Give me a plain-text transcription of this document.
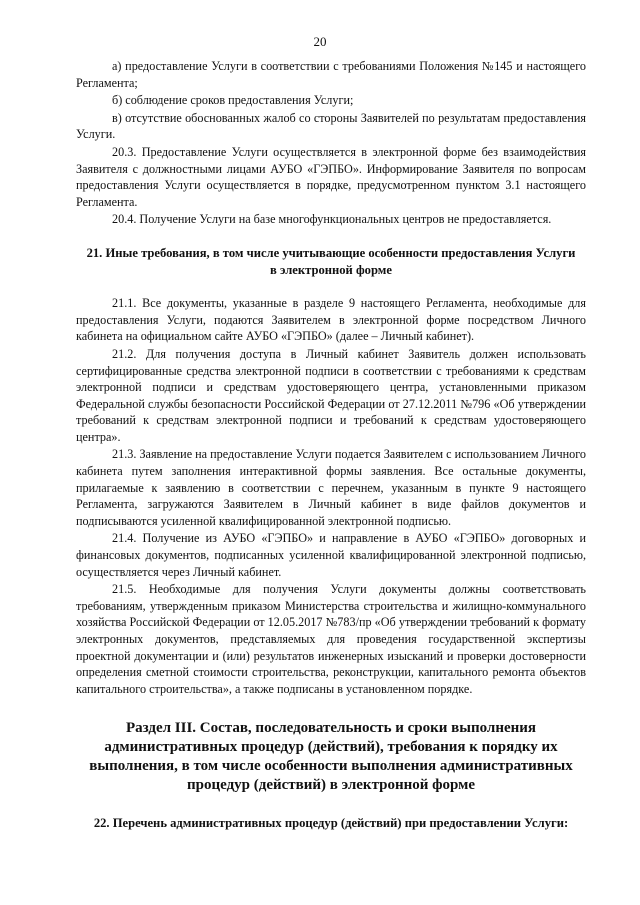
20

а) предоставление Услуги в соответствии с требованиями Положения №145 и настоящего Регламента;

б) соблюдение сроков предоставления Услуги;

в) отсутствие обоснованных жалоб со стороны Заявителей по результатам предоставления Услуги.

20.3. Предоставление Услуги осуществляется в электронной форме без взаимодействия Заявителя с должностными лицами АУБО «ГЭПБО». Информирование Заявителя по вопросам предоставления Услуги осуществляется в порядке, предусмотренном пунктом 3.1 настоящего Регламента.

20.4. Получение Услуги на базе многофункциональных центров не предоставляется.

21. Иные требования, в том числе учитывающие особенности предоставления Услуги в электронной форме

21.1. Все документы, указанные в разделе 9 настоящего Регламента, необходимые для предоставления Услуги, подаются Заявителем в электронной форме посредством Личного кабинета на официальном сайте АУБО «ГЭПБО» (далее – Личный кабинет).

21.2. Для получения доступа в Личный кабинет Заявитель должен использовать сертифицированные средства электронной подписи в соответствии с требованиями к средствам электронной подписи и средствам удостоверяющего центра, установленными приказом Федеральной службы безопасности Российской Федерации от 27.12.2011 №796 «Об утверждении требований к средствам электронной подписи и требований к средствам удостоверяющего центра».

21.3. Заявление на предоставление Услуги подается Заявителем с использованием Личного кабинета путем заполнения интерактивной формы заявления. Все остальные документы, прилагаемые к заявлению в соответствии с перечнем, указанным в пункте 9 настоящего Регламента, загружаются Заявителем в Личный кабинет в виде файлов документов и подписываются усиленной квалифицированной электронной подписью.

21.4. Получение из АУБО «ГЭПБО» и направление в АУБО «ГЭПБО» договорных и финансовых документов, подписанных усиленной квалифицированной электронной подписью, осуществляется через Личный кабинет.

21.5. Необходимые для получения Услуги документы должны соответствовать требованиям, утвержденным приказом Министерства строительства и жилищно-коммунального хозяйства Российской Федерации от 12.05.2017 №783/пр «Об утверждении требований к формату электронных документов, представляемых для проведения государственной экспертизы проектной документации и (или) результатов инженерных изысканий и проверки достоверности определения сметной стоимости строительства, реконструкции, капитального ремонта объектов капитального строительства», а также подписаны в установленном порядке.

Раздел III. Состав, последовательность и сроки выполнения административных процедур (действий), требования к порядку их выполнения, в том числе особенности выполнения административных процедур (действий) в электронной форме
22. Перечень административных процедур (действий) при предоставлении Услуги:
